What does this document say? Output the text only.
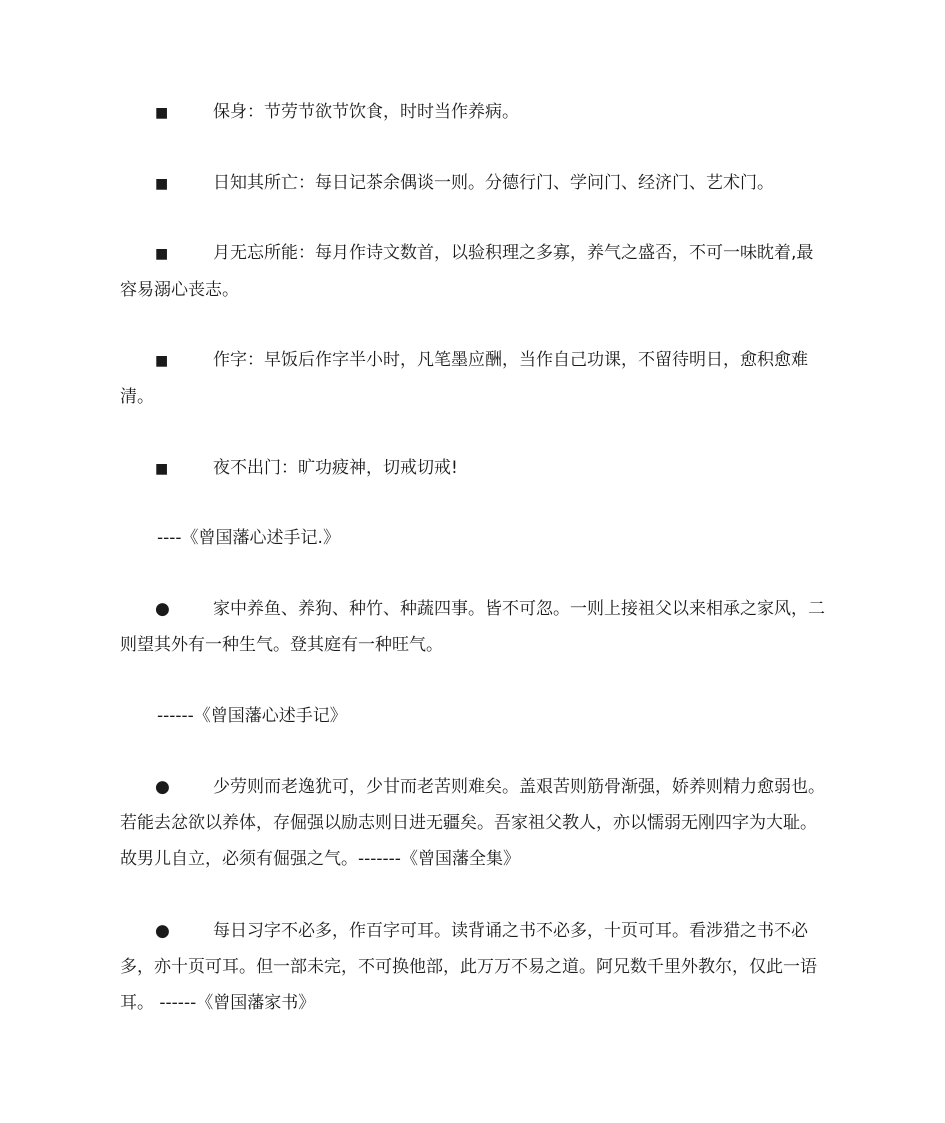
■	保身：节劳节欲节饮食，时时当作养病。

■	日知其所亡：每日记茶余偶谈一则。分德行门、学问门、经济门、艺术门。

■	月无忘所能：每月作诗文数首，以验积理之多寡，养气之盛否，不可一味眈着,最容易溺心丧志。

■	作字：早饭后作字半小时，凡笔墨应酬，当作自己功课，不留待明日，愈积愈难清。

■	夜不出门：旷功疲神，切戒切戒!

----《曾国藩心述手记.》

●	家中养鱼、养狗、种竹、种蔬四事。皆不可忽。一则上接祖父以来相承之家风，二则望其外有一种生气。登其庭有一种旺气。

------《曾国藩心述手记》

●	少劳则而老逸犹可，少甘而老苦则难矣。盖艰苦则筋骨渐强，娇养则精力愈弱也。若能去忿欲以养体，存倔强以励志则日进无疆矣。吾家祖父教人，亦以懦弱无刚四字为大耻。故男儿自立，必须有倔强之气。-------《曾国藩全集》

●	每日习字不必多，作百字可耳。读背诵之书不必多，十页可耳。看涉猎之书不必多，亦十页可耳。但一部未完，不可换他部，此万万不易之道。阿兄数千里外教尔，仅此一语耳。 ------《曾国藩家书》
